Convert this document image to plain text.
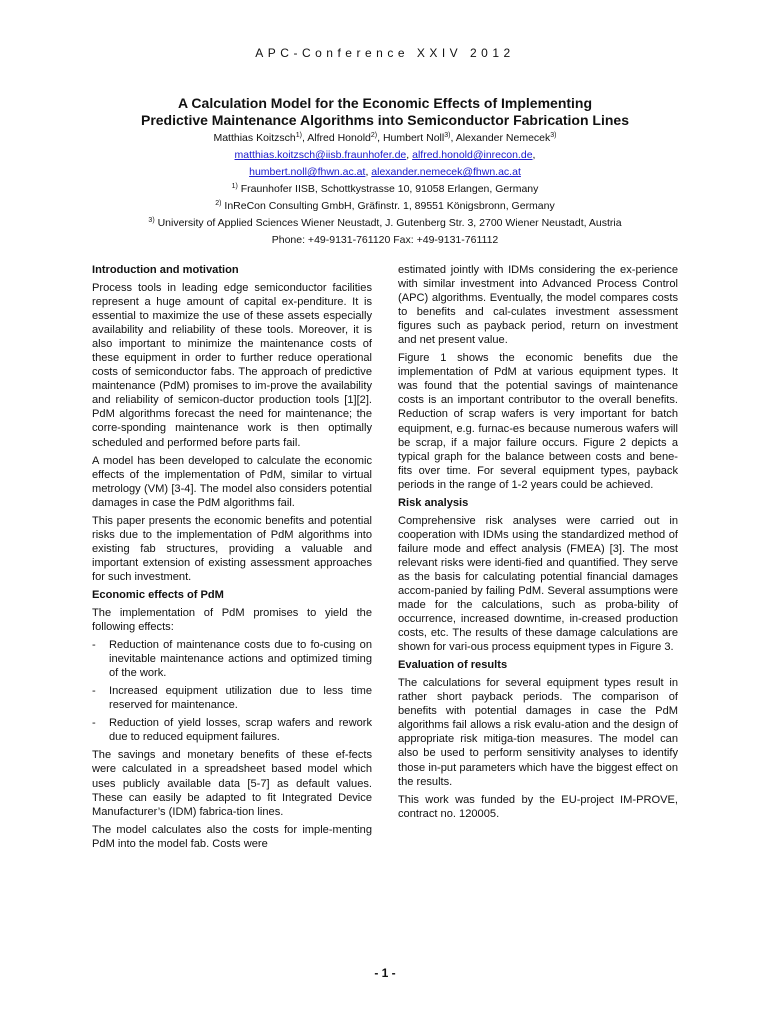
APC-Conference XXIV 2012
A Calculation Model for the Economic Effects of Implementing
Predictive Maintenance Algorithms into Semiconductor Fabrication Lines
Matthias Koitzsch$^{1)}$, Alfred Honold$^{2)}$, Humbert Noll$^{3)}$, Alexander Nemecek$^{3)}$
matthias.koitzsch@iisb.fraunhofer.de, alfred.honold@inrecon.de,
humbert.noll@fhwn.ac.at, alexander.nemecek@fhwn.ac.at
$^{1)}$ Fraunhofer IISB, Schottkystrasse 10, 91058 Erlangen, Germany
$^{2)}$ InReCon Consulting GmbH, Gräfinstr. 1, 89551 Königsbronn, Germany
$^{3)}$ University of Applied Sciences Wiener Neustadt, J. Gutenberg Str. 3, 2700 Wiener Neustadt, Austria
Phone: +49-9131-761120 Fax: +49-9131-761112
Introduction and motivation

Process tools in leading edge semiconductor facilities represent a huge amount of capital ex-penditure. It is essential to maximize the use of these assets especially availability and reliability of these tools. Moreover, it is also important to minimize the maintenance costs of these equipment in order to further reduce operational costs of semiconductor fabs. The approach of predictive maintenance (PdM) promises to im-prove the availability and reliability of semicon-ductor production tools [1][2]. PdM algorithms forecast the need for maintenance; the corre-sponding maintenance work is then optimally scheduled and performed before parts fail.

A model has been developed to calculate the economic effects of the implementation of PdM, similar to virtual metrology (VM) [3-4]. The model also considers potential damages in case the PdM algorithms fail.

This paper presents the economic benefits and potential risks due to the implementation of PdM algorithms into existing fab structures, providing a valuable and important extension of existing assessment approaches for such investment.

Economic effects of PdM

The implementation of PdM promises to yield the following effects:

- Reduction of maintenance costs due to fo-cusing on inevitable maintenance actions and optimized timing of the work.
- Increased equipment utilization due to less time reserved for maintenance.
- Reduction of yield losses, scrap wafers and rework due to reduced equipment failures.

The savings and monetary benefits of these ef-fects were calculated in a spreadsheet based model which uses publicly available data [5-7] as default values. These can easily be adapted to fit Integrated Device Manufacturer’s (IDM) fabrica-tion lines.

The model calculates also the costs for imple-menting PdM into the model fab. Costs were

estimated jointly with IDMs considering the ex-perience with similar investment into Advanced Process Control (APC) algorithms. Eventually, the model compares costs to benefits and cal-culates investment assessment figures such as payback period, return on investment and net present value.

Figure 1 shows the economic benefits due the implementation of PdM at various equipment types. It was found that the potential savings of maintenance costs is an important contributor to the overall benefits. Reduction of scrap wafers is very important for batch equipment, e.g. furnac-es because numerous wafers will be scrap, if a major failure occurs. Figure 2 depicts a typical graph for the balance between costs and bene-fits over time. For several equipment types, payback periods in the range of 1-2 years could be achieved.

Risk analysis

Comprehensive risk analyses were carried out in cooperation with IDMs using the standardized method of failure mode and effect analysis (FMEA) [3]. The most relevant risks were identi-fied and quantified. They serve as the basis for calculating potential financial damages accom-panied by failing PdM. Several assumptions were made for the calculations, such as proba-bility of occurrence, increased downtime, in-creased production costs, etc. The results of these damage calculations are shown for vari-ous process equipment types in Figure 3.

Evaluation of results

The calculations for several equipment types result in rather short payback periods. The comparison of benefits with potential damages in case the PdM algorithms fail allows a risk evalu-ation and the design of appropriate risk mitiga-tion measures. The model can also be used to perform sensitivity analyses to identify those in-put parameters which have the biggest effect on the results.

This work was funded by the EU-project IM-PROVE, contract no. 120005.

- 1 -
